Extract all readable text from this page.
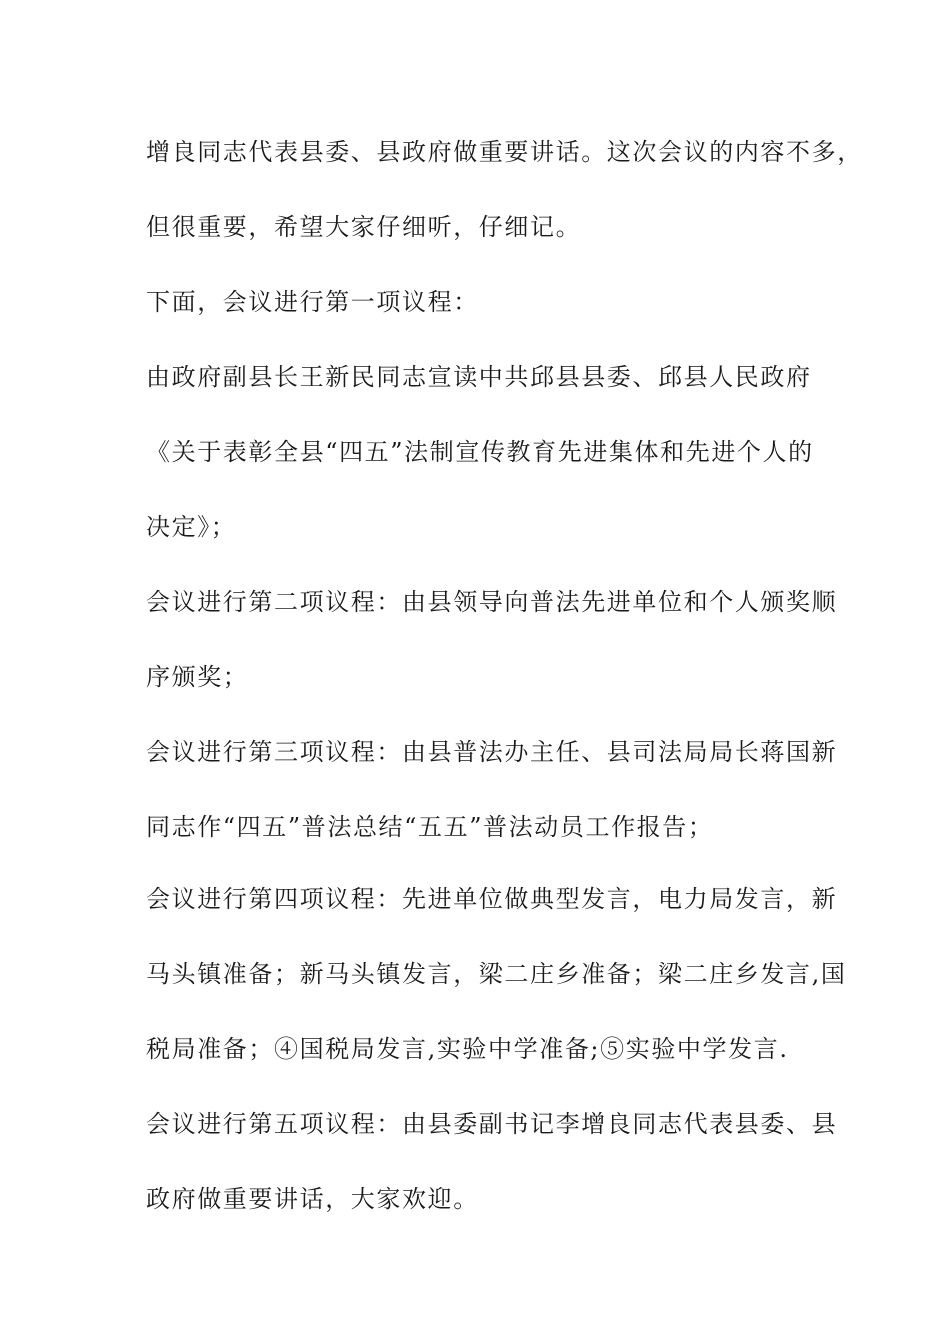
增良同志代表县委、县政府做重要讲话。这次会议的内容不多，
但很重要，希望大家仔细听，仔细记。
下面，会议进行第一项议程：
由政府副县长王新民同志宣读中共邱县县委、邱县人民政府
《关于表彰全县“四五”法制宣传教育先进集体和先进个人的
决定》；
会议进行第二项议程：由县领导向普法先进单位和个人颁奖顺
序颁奖；
会议进行第三项议程：由县普法办主任、县司法局局长蒋国新
同志作“四五”普法总结“五五”普法动员工作报告；
会议进行第四项议程：先进单位做典型发言，电力局发言，新
马头镇准备；新马头镇发言，梁二庄乡准备；梁二庄乡发言,国
税局准备；④国税局发言,实验中学准备;⑤实验中学发言.
会议进行第五项议程：由县委副书记李增良同志代表县委、县
政府做重要讲话，大家欢迎。
